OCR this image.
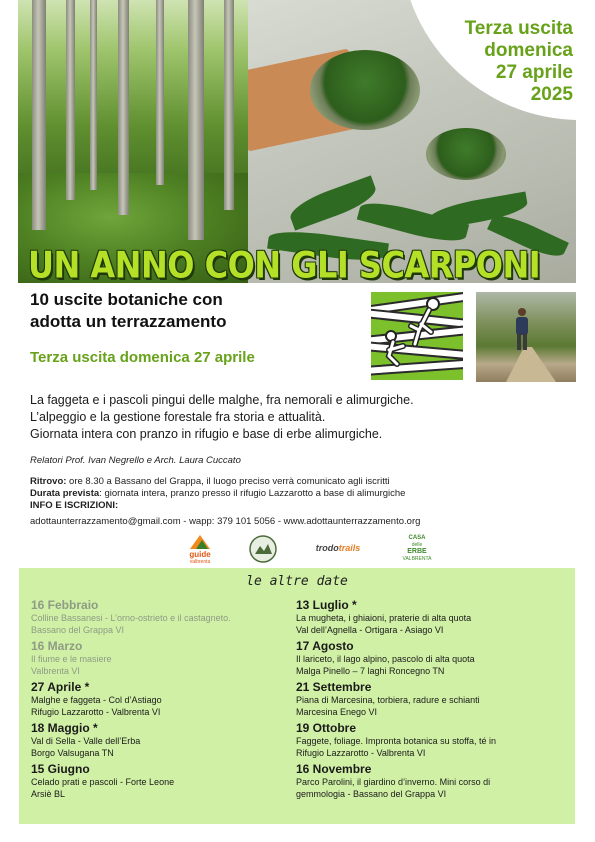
Terza uscita
domenica
27 aprile
2025
UN ANNO CON GLI SCARPONI
10 uscite botaniche con
adotta un terrazzamento
Terza uscita domenica 27 aprile
La faggeta e i pascoli pingui delle malghe, fra nemorali e alimurgiche.
L’alpeggio e la gestione forestale fra storia e attualità.
Giornata intera con pranzo in rifugio e base di erbe alimurgiche.
Relatori Prof. Ivan Negrello e Arch. Laura Cuccato
Ritrovo: ore 8.30 a Bassano del Grappa, il luogo preciso verrà comunicato agli iscritti
Durata prevista: giornata intera, pranzo presso il rifugio Lazzarotto a base di alimurgiche
INFO E ISCRIZIONI:
adottaunterrazzamento@gmail.com - wapp: 379 101 5056 - www.adottaunterrazzamento.org
guide
valbrenta
trodotrails
CASA
delle
ERBE
VALBRENTA
le altre date
16 Febbraio
Colline Bassanesi - L’orno-ostrieto e il castagneto.
Bassano del Grappa VI
16 Marzo
Il fiume e le masiere
Valbrenta VI
27 Aprile *
Malghe e faggeta - Col d’Astiago
Rifugio Lazzarotto - Valbrenta VI
18 Maggio *
Val di Sella - Valle dell’Erba
Borgo Valsugana TN
15 Giugno
Celado prati e pascoli - Forte Leone
Arsiè BL
13 Luglio *
La mugheta, i ghiaioni, praterie di alta quota
Val dell’Agnella - Ortigara - Asiago VI
17 Agosto
Il lariceto, il lago alpino, pascolo di alta quota
Malga Pinello – 7 laghi Roncegno TN
21 Settembre
Piana di Marcesina, torbiera, radure e schianti
Marcesina Enego VI
19 Ottobre
Faggete, foliage. Impronta botanica su stoffa, té in
Rifugio Lazzarotto - Valbrenta VI
16 Novembre
Parco Parolini, il giardino d’inverno. Mini corso di
gemmologia - Bassano del Grappa VI
